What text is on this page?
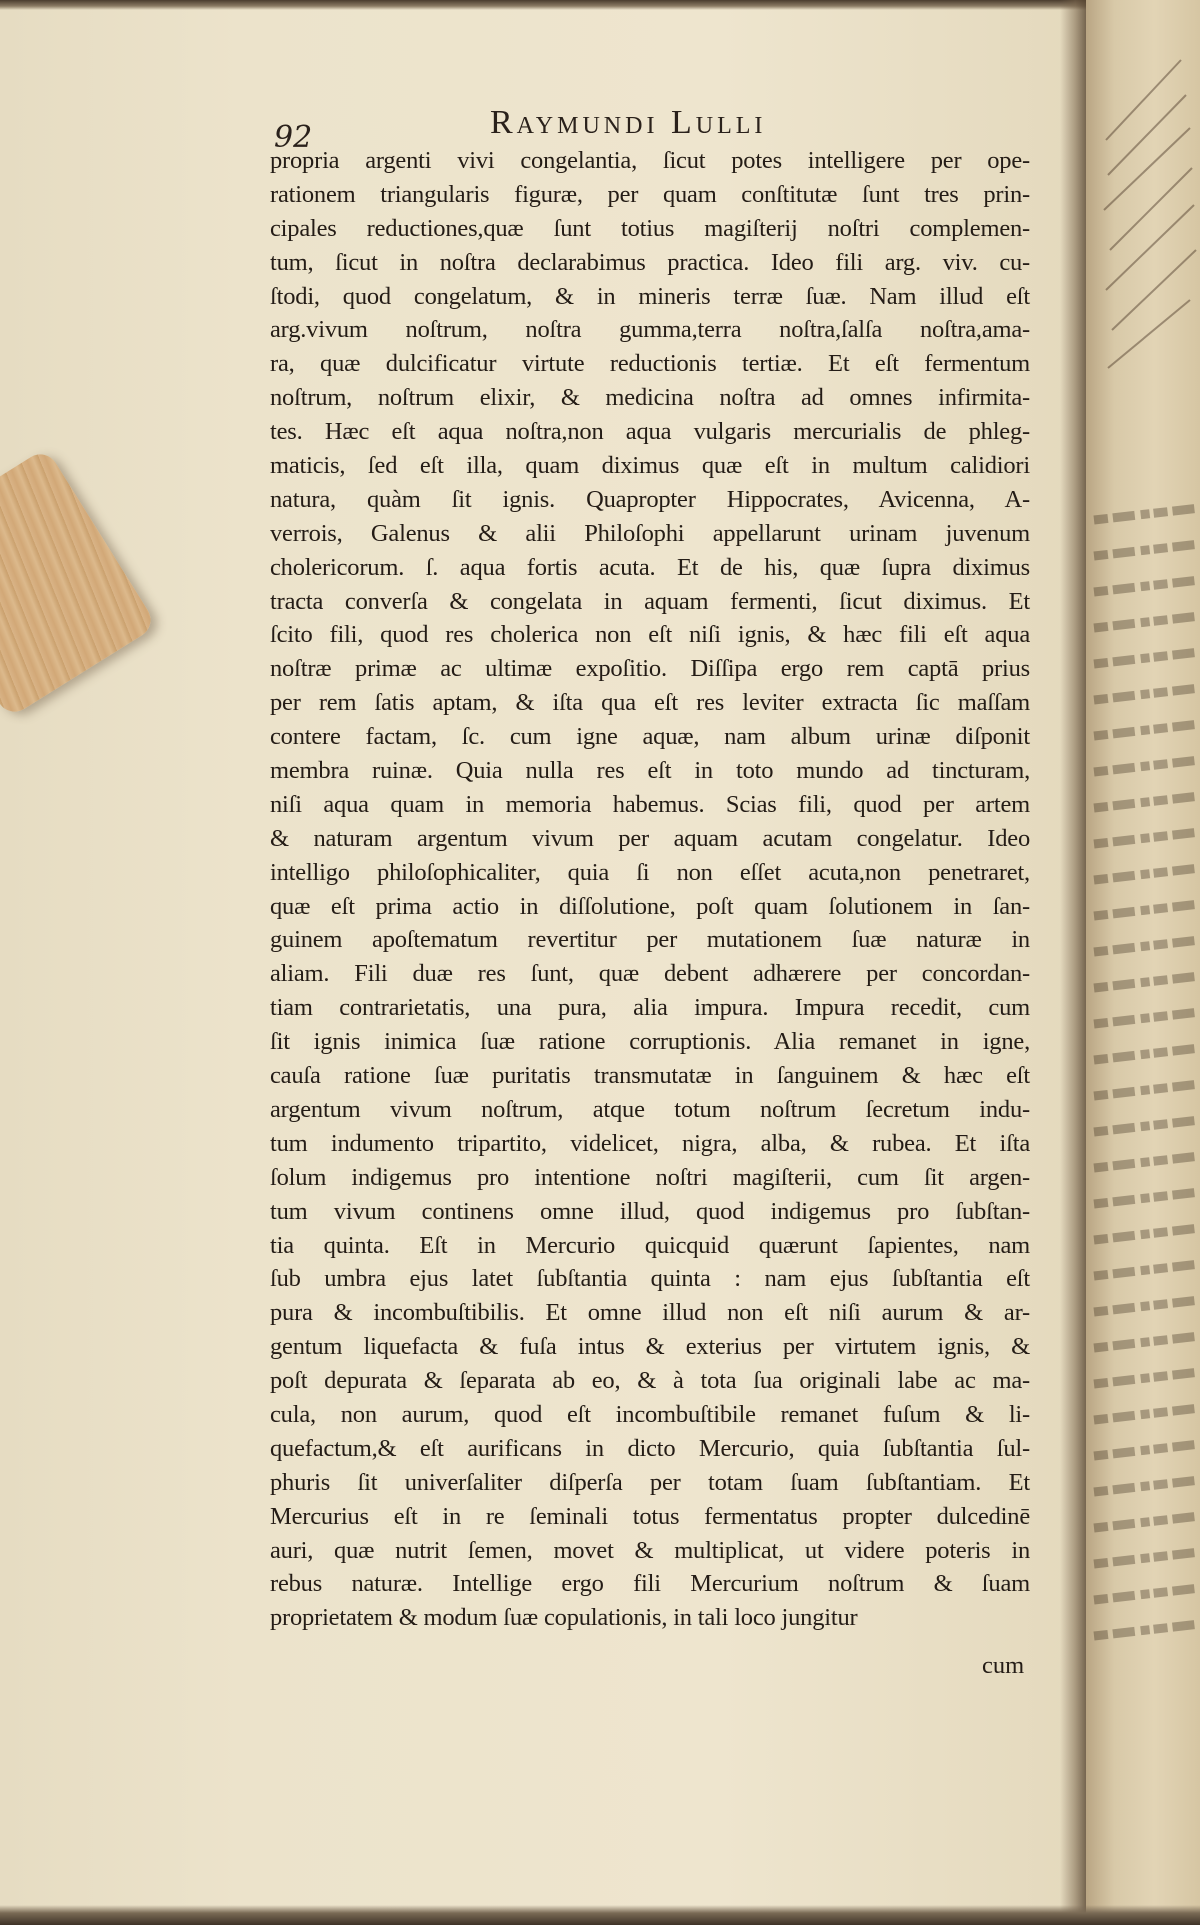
92	Raymundi Lulli
propria argenti vivi congelantia, ſicut potes intelligere per ope-
rationem triangularis figuræ, per quam conſtitutæ ſunt tres prin-
cipales reductiones,quæ ſunt totius magiſterij noſtri complemen-
tum, ſicut in noſtra declarabimus practica. Ideo fili arg. viv. cu-
ſtodi, quod congelatum, & in mineris terræ ſuæ. Nam illud eſt
arg.vivum noſtrum, noſtra gumma,terra noſtra,ſalſa noſtra,ama-
ra, quæ dulcificatur virtute reductionis tertiæ. Et eſt fermentum
noſtrum, noſtrum elixir, & medicina noſtra ad omnes infirmita-
tes. Hæc eſt aqua noſtra,non aqua vulgaris mercurialis de phleg-
maticis, ſed eſt illa, quam diximus quæ eſt in multum calidiori
natura, quàm ſit ignis. Quapropter Hippocrates, Avicenna, A-
verrois, Galenus & alii Philoſophi appellarunt urinam juvenum
cholericorum. ſ. aqua fortis acuta. Et de his, quæ ſupra diximus
tracta converſa & congelata in aquam fermenti, ſicut diximus. Et
ſcito fili, quod res cholerica non eſt niſi ignis, & hæc fili eſt aqua
noſtræ primæ ac ultimæ expoſitio. Diſſipa ergo rem captā prius
per rem ſatis aptam, & iſta qua eſt res leviter extracta ſic maſſam
contere factam, ſc. cum igne aquæ, nam album urinæ diſponit
membra ruinæ. Quia nulla res eſt in toto mundo ad tincturam,
niſi aqua quam in memoria habemus. Scias fili, quod per artem
& naturam argentum vivum per aquam acutam congelatur. Ideo
intelligo philoſophicaliter, quia ſi non eſſet acuta,non penetraret,
quæ eſt prima actio in diſſolutione, poſt quam ſolutionem in ſan-
guinem apoſtematum revertitur per mutationem ſuæ naturæ in
aliam. Fili duæ res ſunt, quæ debent adhærere per concordan-
tiam contrarietatis, una pura, alia impura. Impura recedit, cum
ſit ignis inimica ſuæ ratione corruptionis. Alia remanet in igne,
cauſa ratione ſuæ puritatis transmutatæ in ſanguinem & hæc eſt
argentum vivum noſtrum, atque totum noſtrum ſecretum indu-
tum indumento tripartito, videlicet, nigra, alba, & rubea. Et iſta
ſolum indigemus pro intentione noſtri magiſterii, cum ſit argen-
tum vivum continens omne illud, quod indigemus pro ſubſtan-
tia quinta. Eſt in Mercurio quicquid quærunt ſapientes, nam
ſub umbra ejus latet ſubſtantia quinta : nam ejus ſubſtantia eſt
pura & incombuſtibilis. Et omne illud non eſt niſi aurum & ar-
gentum liquefacta & fuſa intus & exterius per virtutem ignis, &
poſt depurata & ſeparata ab eo, & à tota ſua originali labe ac ma-
cula, non aurum, quod eſt incombuſtibile remanet fuſum & li-
quefactum,& eſt aurificans in dicto Mercurio, quia ſubſtantia ſul-
phuris ſit univerſaliter diſperſa per totam ſuam ſubſtantiam. Et
Mercurius eſt in re ſeminali totus fermentatus propter dulcedinē
auri, quæ nutrit ſemen, movet & multiplicat, ut videre poteris in
rebus naturæ. Intellige ergo fili Mercurium noſtrum & ſuam
proprietatem & modum ſuæ copulationis, in tali loco jungitur
cum
